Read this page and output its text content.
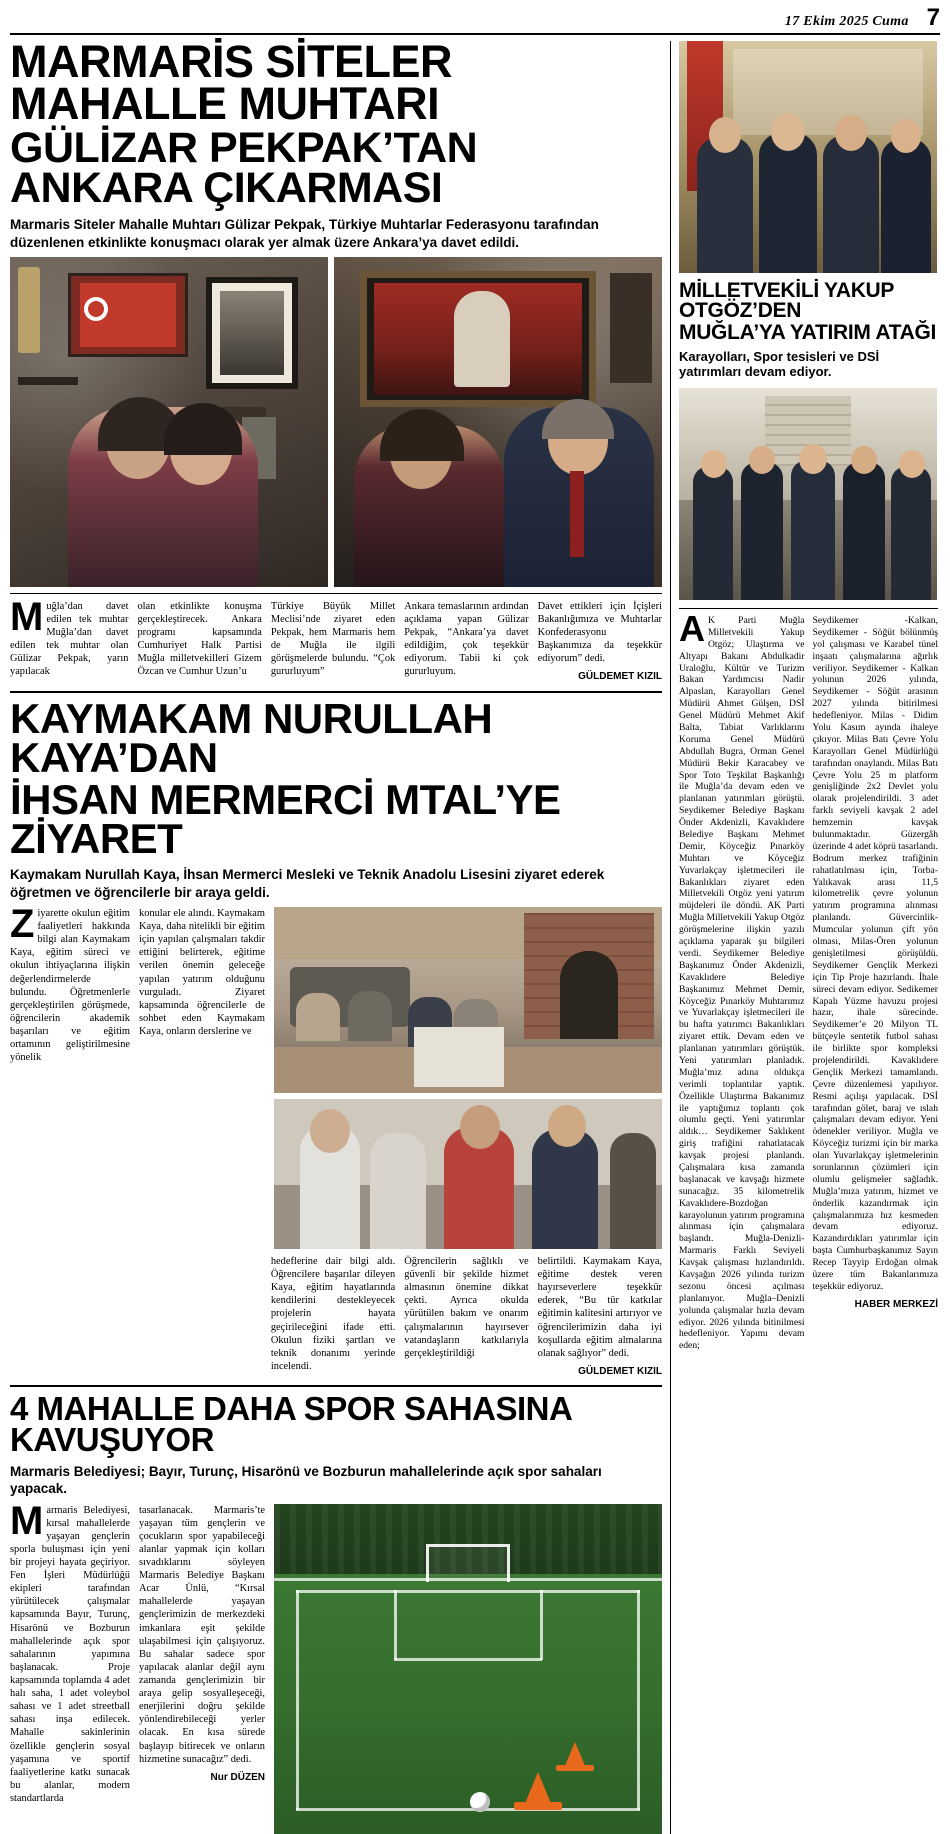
17 Ekim 2025 Cuma 7
MARMARİS SİTELER MAHALLE MUHTARI
GÜLİZAR PEKPAK’TAN ANKARA ÇIKARMASI
Marmaris Siteler Mahalle Muhtarı Gülizar Pekpak, Türkiye Muhtarlar Federasyonu tarafından düzenlenen etkinlikte konuşmacı olarak yer almak üzere Ankara’ya davet edildi.

Muğla’dan davet edilen tek muhtar Muğla’dan davet edilen tek muhtar olan Gülizar Pekpak, yarın yapılacak

olan etkinlikte konuşma gerçekleştirecek. Ankara programı kapsamında Cumhuriyet Halk Partisi Muğla milletvekilleri Gizem Özcan ve Cumhur Uzun’u

Türkiye Büyük Millet Meclisi’nde ziyaret eden Pekpak, hem Marmaris hem de Muğla ile ilgili görüşmelerde bulundu. “Çok gururluyum”

Ankara temaslarının ardından açıklama yapan Gülizar Pekpak, “Ankara’ya davet edildiğim, çok teşekkür ediyorum. Tabii ki çok gururluyum.

Davet ettikleri için İçişleri Bakanlığımıza ve Muhtarlar Konfederasyonu Başkanımıza da teşekkür ediyorum” dedi.

GÜLDEMET KIZIL
KAYMAKAM NURULLAH KAYA’DAN
İHSAN MERMERCİ MTAL’YE ZİYARET
Kaymakam Nurullah Kaya, İhsan Mermerci Mesleki ve Teknik Anadolu Lisesini ziyaret ederek öğretmen ve öğrencilerle bir araya geldi.

Ziyarette okulun eğitim faaliyetleri hakkında bilgi alan Kaymakam Kaya, eğitim süreci ve okulun ihtiyaçlarına ilişkin değerlendirmelerde bulundu. Öğretmenlerle gerçekleştirilen görüşmede, öğrencilerin akademik başarıları ve eğitim ortamının geliştirilmesine yönelik

konular ele alındı. Kaymakam Kaya, daha nitelikli bir eğitim için yapılan çalışmaları takdir ettiğini belirterek, eğitime verilen önemin geleceğe yapılan yatırım olduğunu vurguladı. Ziyaret kapsamında öğrencilerle de sohbet eden Kaymakam Kaya, onların derslerine ve

hedeflerine dair bilgi aldı. Öğrencilere başarılar dileyen Kaya, eğitim hayatlarında kendilerini destekleyecek projelerin hayata geçirileceğini ifade etti. Okulun fiziki şartları ve teknik donanımı yerinde incelendi.

Öğrencilerin sağlıklı ve güvenli bir şekilde hizmet almasının önemine dikkat çekti. Ayrıca okulda yürütülen bakım ve onarım çalışmalarının hayırsever vatandaşların katkılarıyla gerçekleştirildiği

belirtildi. Kaymakam Kaya, eğitime destek veren hayırseverlere teşekkür ederek, “Bu tür katkılar eğitimin kalitesini artırıyor ve öğrencilerimizin daha iyi koşullarda eğitim almalarına olanak sağlıyor” dedi.

GÜLDEMET KIZIL
4 MAHALLE DAHA SPOR SAHASINA KAVUŞUYOR
Marmaris Belediyesi; Bayır, Turunç, Hisarönü ve Bozburun mahallelerinde açık spor sahaları yapacak.

Marmaris Belediyesi, kırsal mahallelerde yaşayan gençlerin sporla buluşması için yeni bir projeyi hayata geçiriyor. Fen İşleri Müdürlüğü ekipleri tarafından yürütülecek çalışmalar kapsamında Bayır, Turunç, Hisarönü ve Bozburun mahallelerinde açık spor sahalarının yapımına başlanacak. Proje kapsamında toplamda 4 adet halı saha, 1 adet voleybol sahası ve 1 adet streetball sahası inşa edilecek. Mahalle sakinlerinin özellikle gençlerin sosyal yaşamına ve sportif faaliyetlerine katkı sunacak bu alanlar, modern standartlarda

tasarlanacak. Marmaris’te yaşayan tüm gençlerin ve çocukların spor yapabileceği alanlar yapmak için kolları sıvadıklarını söyleyen Marmaris Belediye Başkanı Acar Ünlü, “Kırsal mahallelerde yaşayan gençlerimizin de merkezdeki imkanlara eşit şekilde ulaşabilmesi için çalışıyoruz. Bu sahalar sadece spor yapılacak alanlar değil aynı zamanda gençlerimizin bir araya gelip sosyalleşeceği, enerjilerini doğru şekilde yönlendirebileceği yerler olacak. En kısa sürede başlayıp bitirecek ve onların hizmetine sunacağız” dedi.

Nur DÜZEN
MİLLETVEKİLİ YAKUP OTGÖZ’DEN
MUĞLA’YA YATIRIM ATAĞI
Karayolları, Spor tesisleri ve DSİ yatırımları devam ediyor.

AK Parti Muğla Milletvekili Yakup Otgöz; Ulaştırma ve Altyapı Bakanı Abdulkadir Uraloğlu, Kültür ve Turizm Bakan Yardımcısı Nadir Alpaslan, Karayolları Genel Müdürü Ahmet Gülşen, DSİ Genel Müdürü Mehmet Akif Balta, Tabiat Varlıklarını Koruma Genel Müdürü Abdullah Bugra, Orman Genel Müdürü Bekir Karacabey ve Spor Toto Teşkilat Başkanlığı ile Muğla’da devam eden ve planlanan yatırımları görüştü. Seydikemer Belediye Başkanı Önder Akdenizli, Kavaklıdere Belediye Başkanı Mehmet Demir, Köyceğiz Pınarköy Muhtarı ve Köyceğiz Yuvarlakçay işletmecileri ile Bakanlıkları ziyaret eden Milletvekili Otgöz yeni yatırım müjdeleri ile döndü. AK Parti Muğla Milletvekili Yakup Otgöz görüşmelerine ilişkin yazılı açıklama yaparak şu bilgileri verdi. Seydikemer Belediye Başkanımız Önder Akdenizli, Kavaklıdere Belediye Başkanımız Mehmet Demir, Köyceğiz Pınarköy Muhtarımız ve Yuvarlakçay işletmecileri ile bu hafta yatırımcı Bakanlıkları ziyaret ettik. Devam eden ve planlanan yatırımları görüştük. Yeni yatırımları planladık. Muğla’mız adına oldukça verimli toplantılar yaptık. Özellikle Ulaştırma Bakanımız ile yaptığımız toplantı çok olumlu geçti. Yeni yatırımlar aldık… Seydikemer Saklıkent giriş trafiğini rahatlatacak kavşak projesi planlandı. Çalışmalara kısa zamanda başlanacak ve kavşağı hizmete sunacağız. 35 kilometrelik Kavaklıdere-Bozdoğan karayolunun yatırım programına alınması için çalışmalara başlandı. Muğla-Denizli-Marmaris Farklı Seviyeli Kavşak çalışması hızlandırıldı. Kavşağın 2026 yılında turizm sezonu öncesi açılması planlanıyor. Muğla–Denizli yolunda çalışmalar hızla devam ediyor. 2026 yılında bitinilmesi hedefleniyor. Yapımı devam eden;

Seydikemer -Kalkan, Seydikemer - Söğüt bölünmüş yol çalışması ve Karabel tünel inşaatı çalışmalarına ağırlık veriliyor. Seydikemer - Kalkan yolunun 2026 yılında, Seydikemer - Söğüt arasının 2027 yılında bitirilmesi hedefleniyor. Milas - Didim Yolu Kasım ayında ihaleye çıkıyor. Milas Batı Çevre Yolu Karayolları Genel Müdürlüğü tarafından onaylandı. Milas Batı Çevre Yolu 25 m platform genişliğinde 2x2 Devlet yolu olarak projelendirildi. 3 adet farklı seviyeli kavşak 2 adel hemzemin kavşak bulunmaktadır. Güzergâh üzerinde 4 adet köprü tasarlandı. Bodrum merkez trafiğinin rahatlatılması için, Torba-Yalıkavak arası 11,5 kilometrelik çevre yolunun yatırım programına alınması planlandı. Güvercinlik-Mumcular yolunun çift yön olması, Milas-Ören yolunun genişletilmesi görüşüldü. Seydikemer Gençlik Merkezi için Tip Proje hazırlandı. İhale süreci devam ediyor. Sedikemer Kapalı Yüzme havuzu projesi hazır, ihale sürecinde. Seydikemer’e 20 Milyon TL bütçeyle sentetik futbol sahası ile birlikte spor kompleksi projelendirildi. Kavaklıdere Gençlik Merkezi tamamlandı. Çevre düzenlemesi yapılıyor. Resmi açılışı yapılacak. DSİ tarafından gölet, baraj ve ıslah çalışmaları devam ediyor. Yeni ödenekler veriliyor. Muğla ve Köyceğiz turizmi için bir marka olan Yuvarlakçay işletmelerinin sorunlarının çözümleri için olumlu gelişmeler sağladık. Muğla’mıza yatırım, hizmet ve önderlik kazandırmak için çalışmalarımıza hız kesmeden devam ediyoruz. Kazandırdıkları yatırımlar için başta Cumhurbaşkanımız Sayın Recep Tayyip Erdoğan olmak üzere tüm Bakanlarımıza teşekkür ediyoruz.

HABER MERKEZİ
